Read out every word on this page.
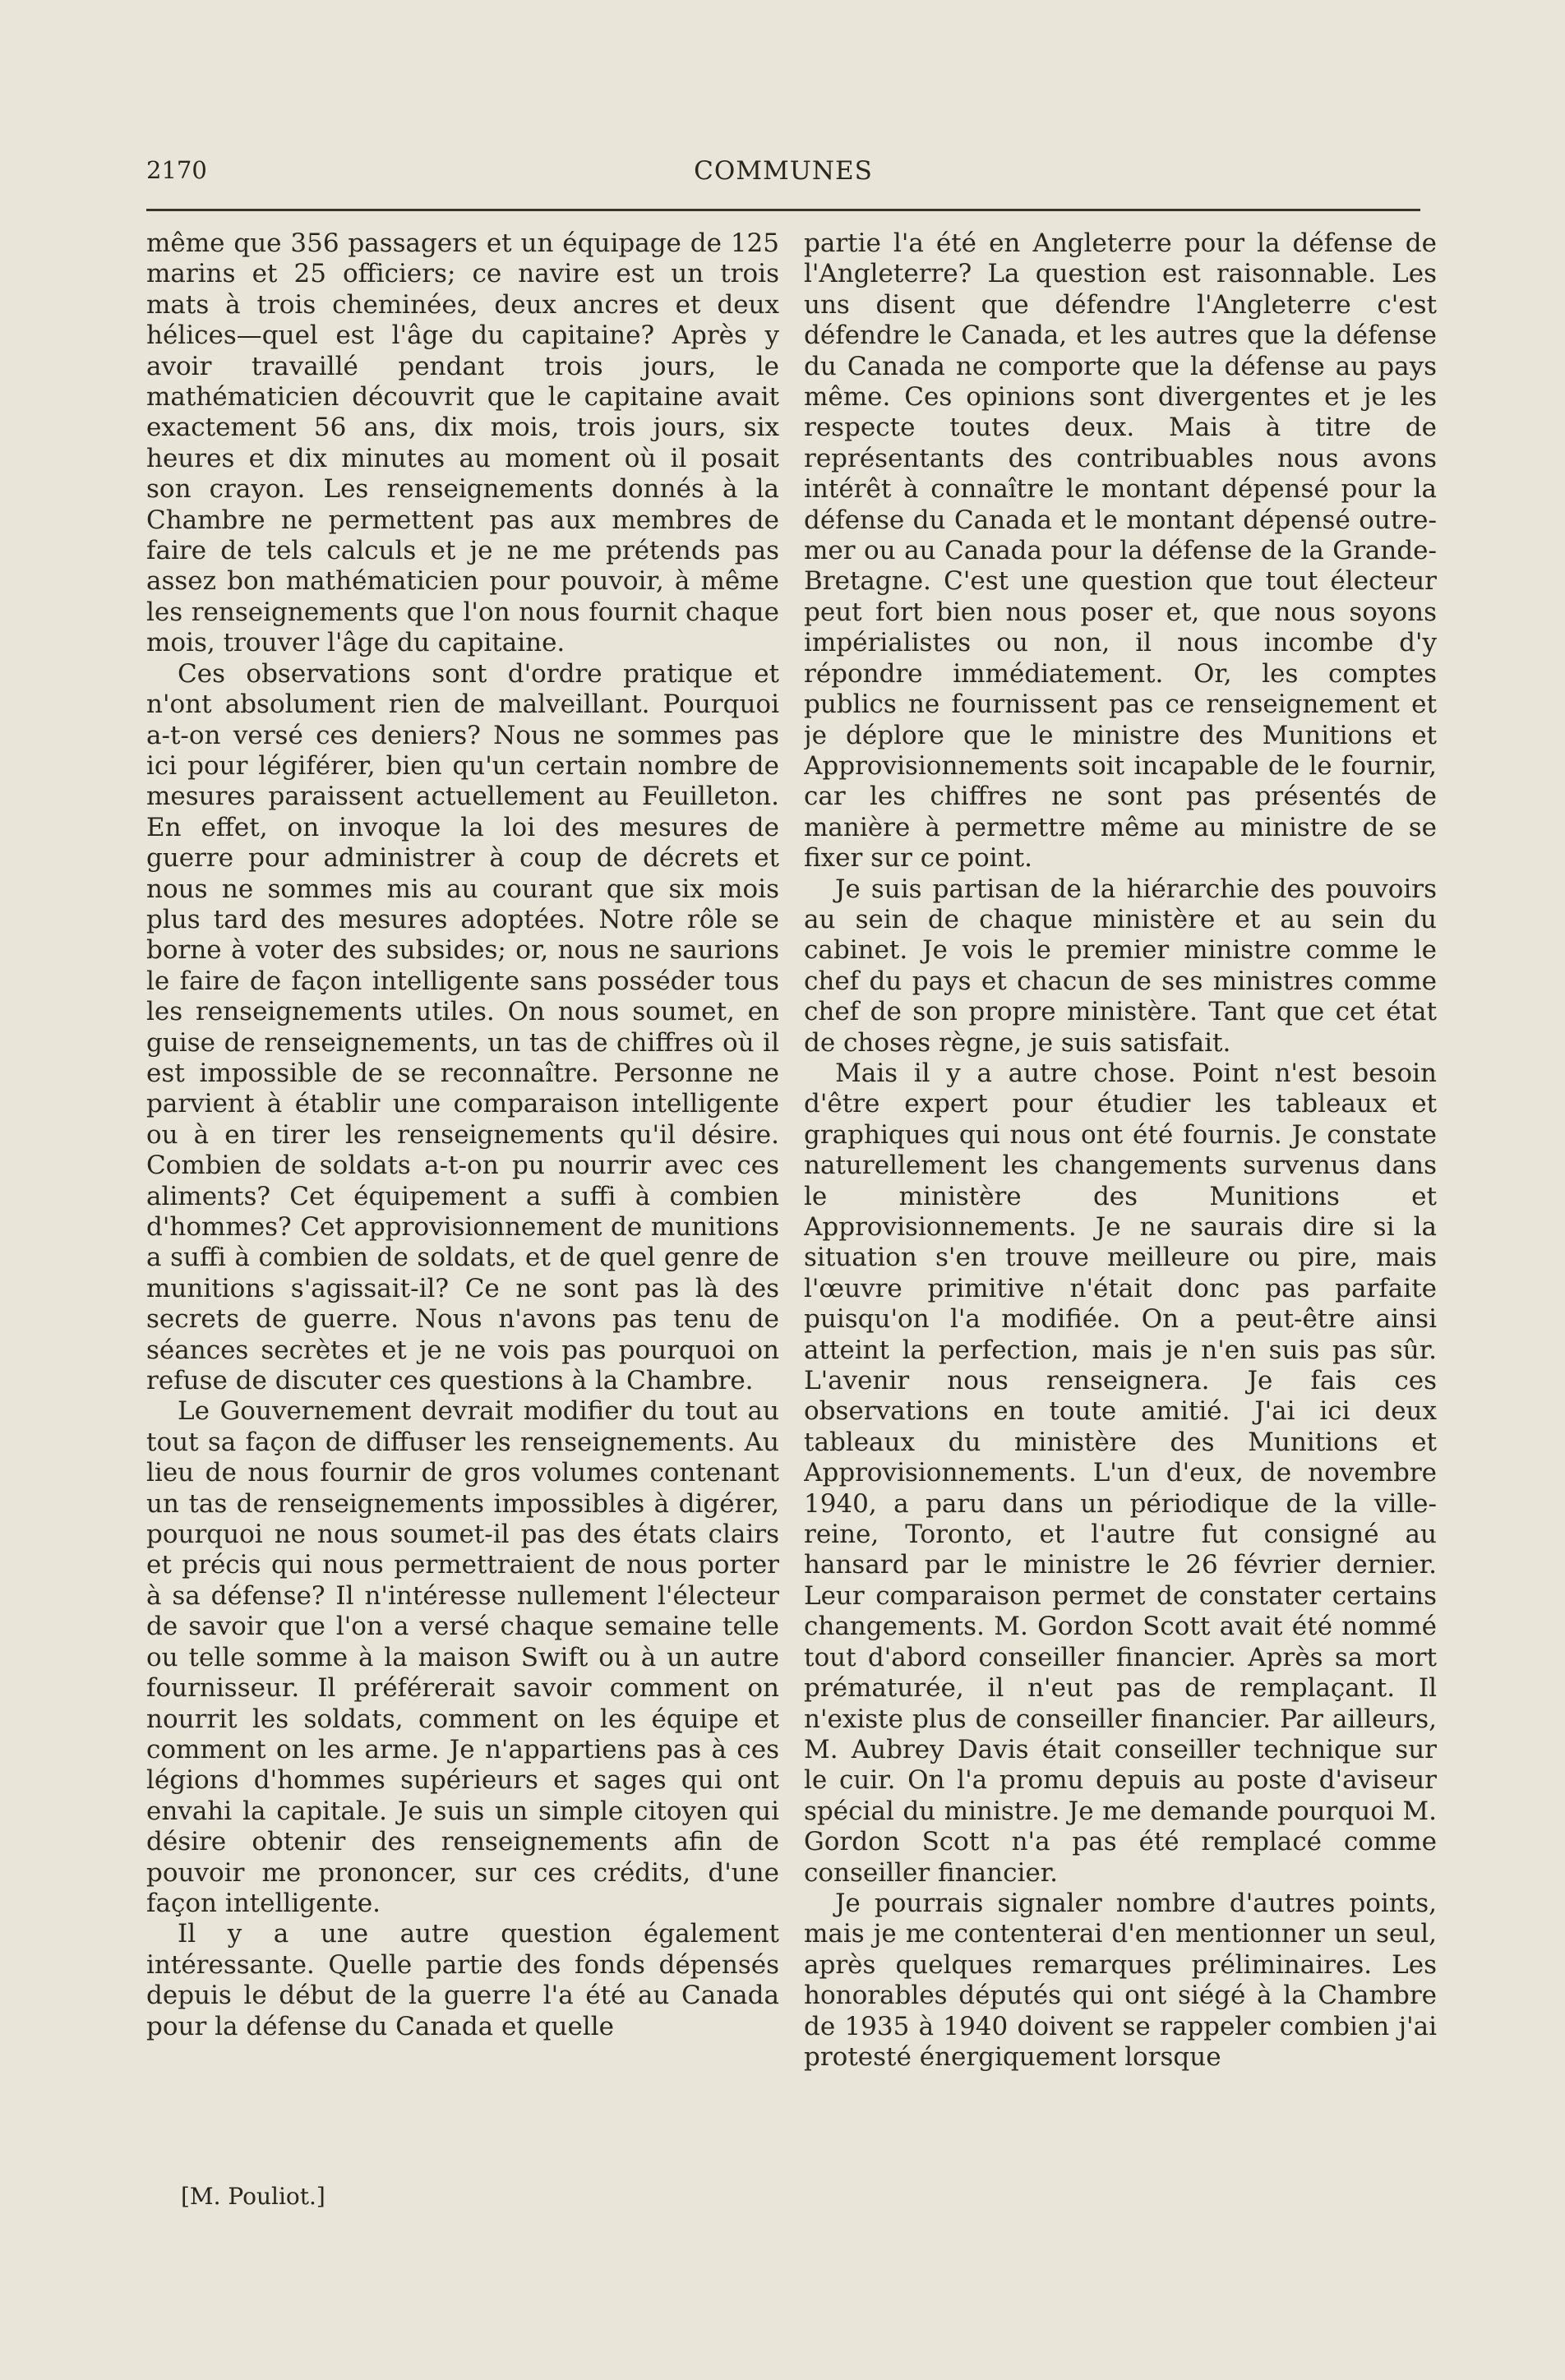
2170	COMMUNES

même que 356 passagers et un équipage de 125 marins et 25 officiers; ce navire est un trois mats à trois cheminées, deux ancres et deux hélices—quel est l'âge du capitaine? Après y avoir travaillé pendant trois jours, le mathématicien découvrit que le capitaine avait exactement 56 ans, dix mois, trois jours, six heures et dix minutes au moment où il posait son crayon. Les renseignements donnés à la Chambre ne permettent pas aux membres de faire de tels calculs et je ne me prétends pas assez bon mathématicien pour pouvoir, à même les renseignements que l'on nous fournit chaque mois, trouver l'âge du capitaine.

Ces observations sont d'ordre pratique et n'ont absolument rien de malveillant. Pourquoi a-t-on versé ces deniers? Nous ne sommes pas ici pour légiférer, bien qu'un certain nombre de mesures paraissent actuellement au Feuilleton. En effet, on invoque la loi des mesures de guerre pour administrer à coup de décrets et nous ne sommes mis au courant que six mois plus tard des mesures adoptées. Notre rôle se borne à voter des subsides; or, nous ne saurions le faire de façon intelligente sans posséder tous les renseignements utiles. On nous soumet, en guise de renseignements, un tas de chiffres où il est impossible de se reconnaître. Personne ne parvient à établir une comparaison intelligente ou à en tirer les renseignements qu'il désire. Combien de soldats a-t-on pu nourrir avec ces aliments? Cet équipement a suffi à combien d'hommes? Cet approvisionnement de munitions a suffi à combien de soldats, et de quel genre de munitions s'agissait-il? Ce ne sont pas là des secrets de guerre. Nous n'avons pas tenu de séances secrètes et je ne vois pas pourquoi on refuse de discuter ces questions à la Chambre.

Le Gouvernement devrait modifier du tout au tout sa façon de diffuser les renseignements. Au lieu de nous fournir de gros volumes contenant un tas de renseignements impossibles à digérer, pourquoi ne nous soumet-il pas des états clairs et précis qui nous permettraient de nous porter à sa défense? Il n'intéresse nullement l'électeur de savoir que l'on a versé chaque semaine telle ou telle somme à la maison Swift ou à un autre fournisseur. Il préférerait savoir comment on nourrit les soldats, comment on les équipe et comment on les arme. Je n'appartiens pas à ces légions d'hommes supérieurs et sages qui ont envahi la capitale. Je suis un simple citoyen qui désire obtenir des renseignements afin de pouvoir me prononcer, sur ces crédits, d'une façon intelligente.

Il y a une autre question également intéressante. Quelle partie des fonds dépensés depuis le début de la guerre l'a été au Canada pour la défense du Canada et quelle

partie l'a été en Angleterre pour la défense de l'Angleterre? La question est raisonnable. Les uns disent que défendre l'Angleterre c'est défendre le Canada, et les autres que la défense du Canada ne comporte que la défense au pays même. Ces opinions sont divergentes et je les respecte toutes deux. Mais à titre de représentants des contribuables nous avons intérêt à connaître le montant dépensé pour la défense du Canada et le montant dépensé outre-mer ou au Canada pour la défense de la Grande-Bretagne. C'est une question que tout électeur peut fort bien nous poser et, que nous soyons impérialistes ou non, il nous incombe d'y répondre immédiatement. Or, les comptes publics ne fournissent pas ce renseignement et je déplore que le ministre des Munitions et Approvisionnements soit incapable de le fournir, car les chiffres ne sont pas présentés de manière à permettre même au ministre de se fixer sur ce point.

Je suis partisan de la hiérarchie des pouvoirs au sein de chaque ministère et au sein du cabinet. Je vois le premier ministre comme le chef du pays et chacun de ses ministres comme chef de son propre ministère. Tant que cet état de choses règne, je suis satisfait.

Mais il y a autre chose. Point n'est besoin d'être expert pour étudier les tableaux et graphiques qui nous ont été fournis. Je constate naturellement les changements survenus dans le ministère des Munitions et Approvisionnements. Je ne saurais dire si la situation s'en trouve meilleure ou pire, mais l'œuvre primitive n'était donc pas parfaite puisqu'on l'a modifiée. On a peut-être ainsi atteint la perfection, mais je n'en suis pas sûr. L'avenir nous renseignera. Je fais ces observations en toute amitié. J'ai ici deux tableaux du ministère des Munitions et Approvisionnements. L'un d'eux, de novembre 1940, a paru dans un périodique de la ville-reine, Toronto, et l'autre fut consigné au hansard par le ministre le 26 février dernier. Leur comparaison permet de constater certains changements. M. Gordon Scott avait été nommé tout d'abord conseiller financier. Après sa mort prématurée, il n'eut pas de remplaçant. Il n'existe plus de conseiller financier. Par ailleurs, M. Aubrey Davis était conseiller technique sur le cuir. On l'a promu depuis au poste d'aviseur spécial du ministre. Je me demande pourquoi M. Gordon Scott n'a pas été remplacé comme conseiller financier.

Je pourrais signaler nombre d'autres points, mais je me contenterai d'en mentionner un seul, après quelques remarques préliminaires. Les honorables députés qui ont siégé à la Chambre de 1935 à 1940 doivent se rappeler combien j'ai protesté énergiquement lorsque

[M. Pouliot.]
